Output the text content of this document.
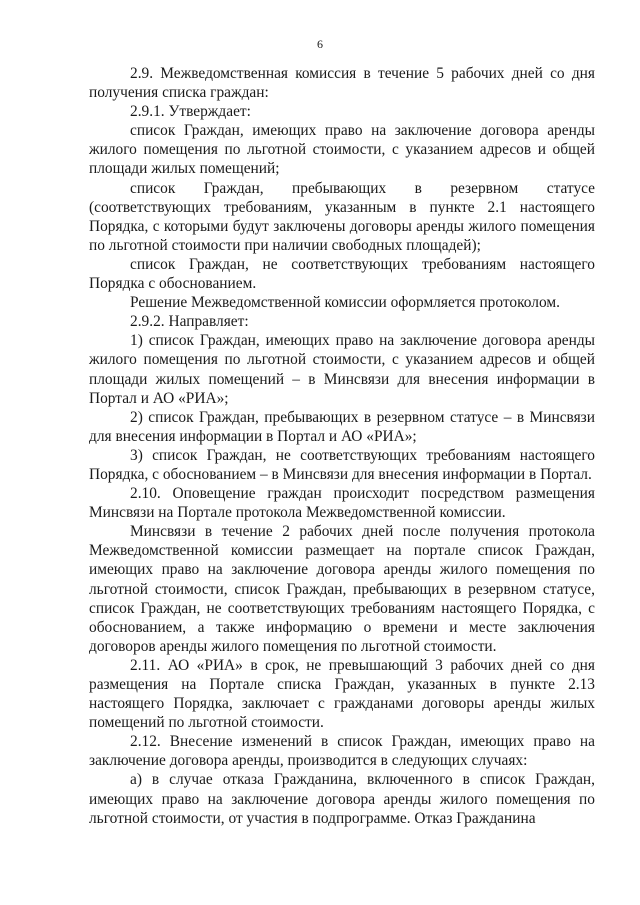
6

2.9. Межведомственная комиссия в течение 5 рабочих дней со дня получения списка граждан:

2.9.1. Утверждает:

список Граждан, имеющих право на заключение договора аренды жилого помещения по льготной стоимости, с указанием адресов и общей площади жилых помещений;

список Граждан, пребывающих в резервном статусе (соответствующих требованиям, указанным в пункте 2.1 настоящего Порядка, с которыми будут заключены договоры аренды жилого помещения по льготной стоимости при наличии свободных площадей);

список Граждан, не соответствующих требованиям настоящего Порядка с обоснованием.

Решение Межведомственной комиссии оформляется протоколом.

2.9.2. Направляет:

1) список Граждан, имеющих право на заключение договора аренды жилого помещения по льготной стоимости, с указанием адресов и общей площади жилых помещений – в Минсвязи для внесения информации в Портал и АО «РИА»;

2) список Граждан, пребывающих в резервном статусе – в Минсвязи для внесения информации в Портал и АО «РИА»;

3) список Граждан, не соответствующих требованиям настоящего Порядка, с обоснованием – в Минсвязи для внесения информации в Портал.

2.10. Оповещение граждан происходит посредством размещения Минсвязи на Портале протокола Межведомственной комиссии.

Минсвязи в течение 2 рабочих дней после получения протокола Межведомственной комиссии размещает на портале список Граждан, имеющих право на заключение договора аренды жилого помещения по льготной стоимости, список Граждан, пребывающих в резервном статусе, список Граждан, не соответствующих требованиям настоящего Порядка, с обоснованием, а также информацию о времени и месте заключения договоров аренды жилого помещения по льготной стоимости.

2.11. АО «РИА» в срок, не превышающий 3 рабочих дней со дня размещения на Портале списка Граждан, указанных в пункте 2.13 настоящего Порядка, заключает с гражданами договоры аренды жилых помещений по льготной стоимости.

2.12. Внесение изменений в список Граждан, имеющих право на заключение договора аренды, производится в следующих случаях:

а) в случае отказа Гражданина, включенного в список Граждан, имеющих право на заключение договора аренды жилого помещения по льготной стоимости, от участия в подпрограмме. Отказ Гражданина
